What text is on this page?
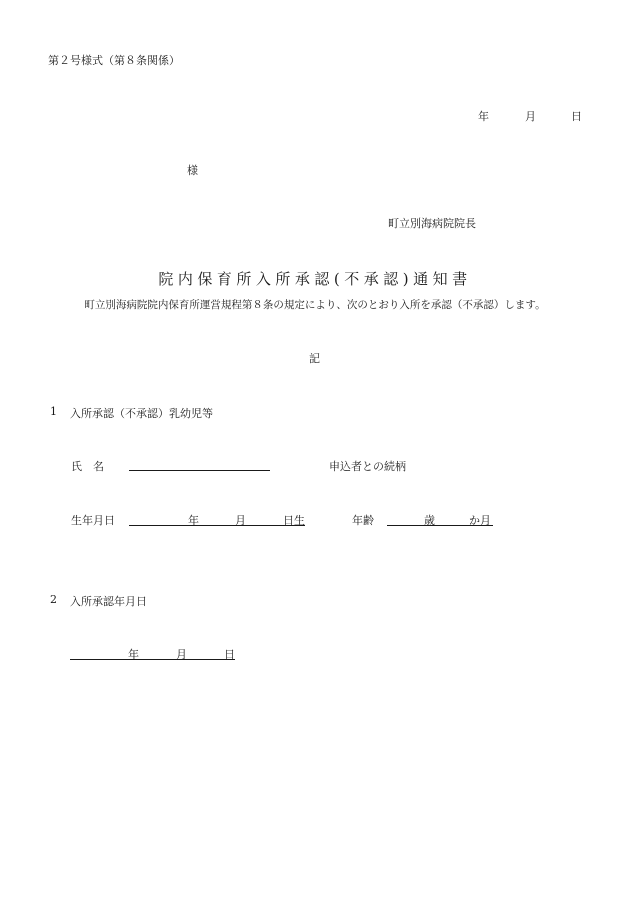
第２号様式（第８条関係）
年	月	日
様
町立別海病院院長
院内保育所入所承認(不承認)通知書
町立別海病院院内保育所運営規程第８条の規定により、次のとおり入所を承認（不承認）します。
記
1 入所承認（不承認）乳幼児等
氏　名	申込者との続柄
生年月日	年	月	日生	年齢	歳	か月
2 入所承認年月日
年	月	日
